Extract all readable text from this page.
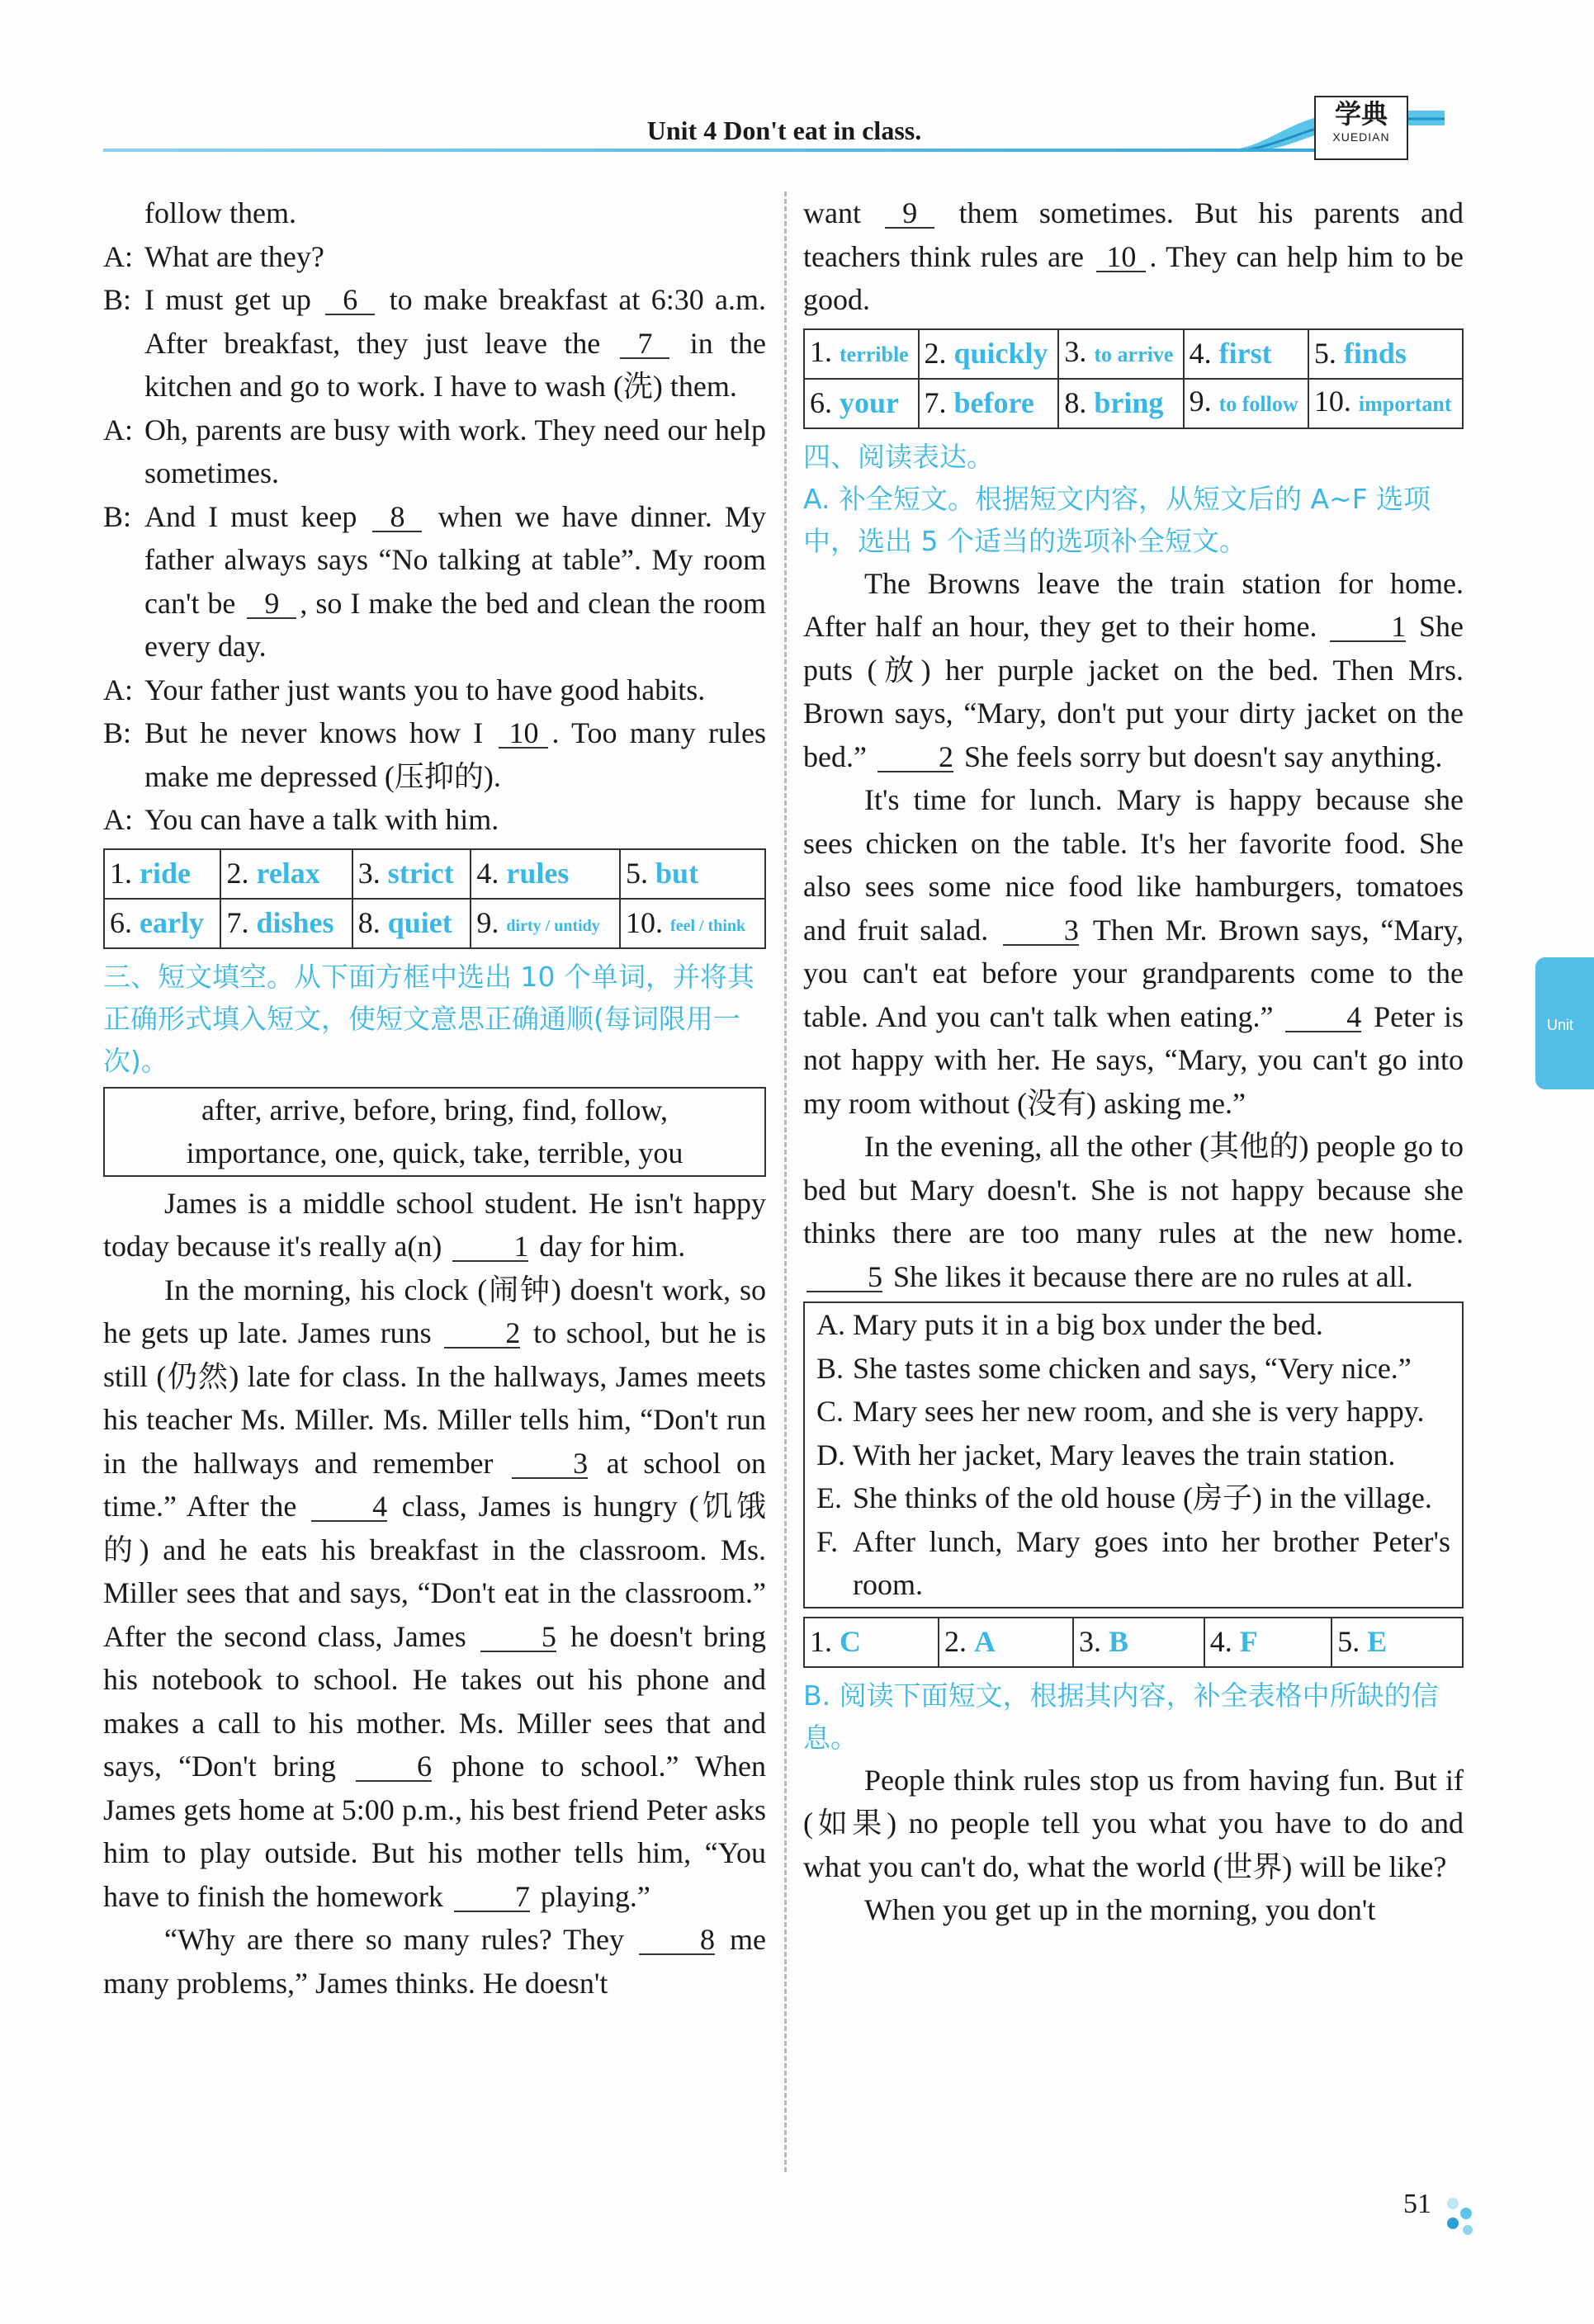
Unit 4 Don't eat in class.
学典
XUEDIAN
follow them.
A: What are they?
B: I must get up 6 to make breakfast at 6:30 a.m. After breakfast, they just leave the 7 in the kitchen and go to work. I have to wash (洗) them.
A: Oh, parents are busy with work. They need our help sometimes.
B: And I must keep 8 when we have dinner. My father always says “No talking at table”. My room can't be 9 , so I make the bed and clean the room every day.
A: Your father just wants you to have good habits.
B: But he never knows how I 10 . Too many rules make me depressed (压抑的).
A: You can have a talk with him.
1. ride	2. relax	3. strict	4. rules	5. but
6. early	7. dishes	8. quiet	9. dirty / untidy	10. feel / think

三、短文填空。从下面方框中选出 10 个单词，并将其正确形式填入短文，使短文意思正确通顺(每词限用一次)。

after, arrive, before, bring, find, follow,
importance, one, quick, take, terrible, you

James is a middle school student. He isn't happy today because it's really a(n) 1 day for him.

In the morning, his clock (闹钟) doesn't work, so he gets up late. James runs 2 to school, but he is still (仍然) late for class. In the hallways, James meets his teacher Ms. Miller. Ms. Miller tells him, “Don't run in the hallways and remember 3 at school on time.” After the 4 class, James is hungry (饥饿的) and he eats his breakfast in the classroom. Ms. Miller sees that and says, “Don't eat in the classroom.” After the second class, James 5 he doesn't bring his notebook to school. He takes out his phone and makes a call to his mother. Ms. Miller sees that and says, “Don't bring 6 phone to school.” When James gets home at 5:00 p.m., his best friend Peter asks him to play outside. But his mother tells him, “You have to finish the homework 7 playing.”

“Why are there so many rules? They 8 me many problems,” James thinks. He doesn't

want 9 them sometimes. But his parents and teachers think rules are 10 . They can help him to be good.

1. terrible	2. quickly	3. to arrive	4. first	5. finds
6. your	7. before	8. bring	9. to follow	10. important

四、阅读表达。

A. 补全短文。根据短文内容，从短文后的 A~F 选项中，选出 5 个适当的选项补全短文。

The Browns leave the train station for home. After half an hour, they get to their home. 1 She puts (放) her purple jacket on the bed. Then Mrs. Brown says, “Mary, don't put your dirty jacket on the bed.” 2 She feels sorry but doesn't say anything.

It's time for lunch. Mary is happy because she sees chicken on the table. It's her favorite food. She also sees some nice food like hamburgers, tomatoes and fruit salad. 3 Then Mr. Brown says, “Mary, you can't eat before your grandparents come to the table. And you can't talk when eating.” 4 Peter is not happy with her. He says, “Mary, you can't go into my room without (没有) asking me.”

In the evening, all the other (其他的) people go to bed but Mary doesn't. She is not happy because she thinks there are too many rules at the new home. 5 She likes it because there are no rules at all.

A. Mary puts it in a big box under the bed.
B. She tastes some chicken and says, “Very nice.”
C. Mary sees her new room, and she is very happy.
D. With her jacket, Mary leaves the train station.
E. She thinks of the old house (房子) in the village.
F. After lunch, Mary goes into her brother Peter's room.
1. C	2. A	3. B	4. F	5. E

B. 阅读下面短文，根据其内容，补全表格中所缺的信息。

People think rules stop us from having fun. But if (如果) no people tell you what you have to do and what you can't do, what the world (世界) will be like?

When you get up in the morning, you don't

Unit
51
